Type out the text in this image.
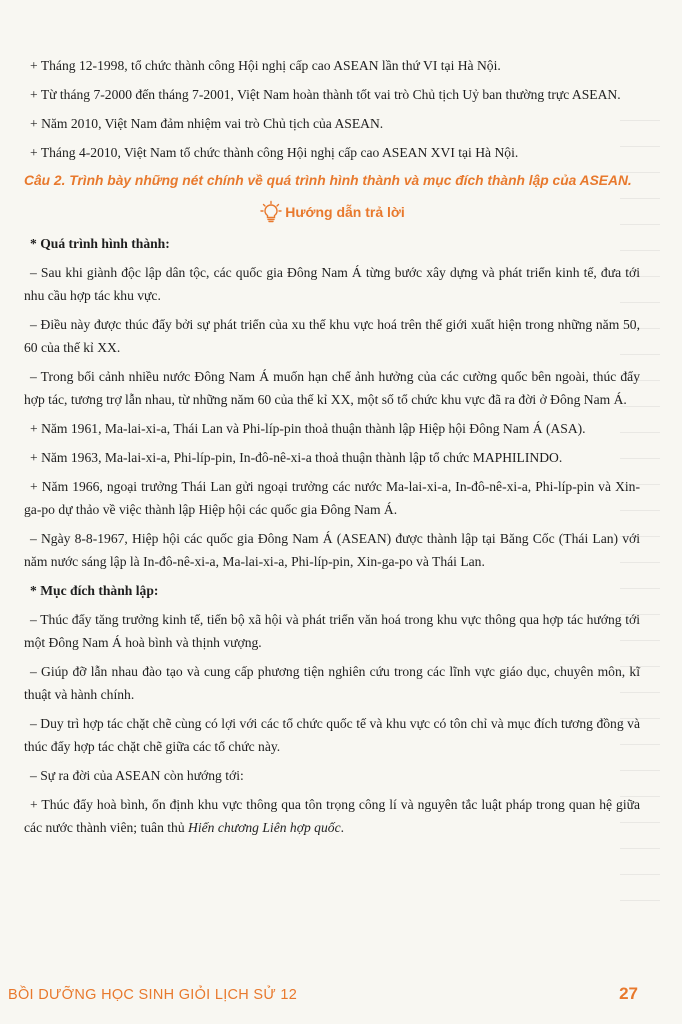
+ Tháng 12-1998, tổ chức thành công Hội nghị cấp cao ASEAN lần thứ VI tại Hà Nội.

+ Từ tháng 7-2000 đến tháng 7-2001, Việt Nam hoàn thành tốt vai trò Chủ tịch Uỷ ban thường trực ASEAN.

+ Năm 2010, Việt Nam đảm nhiệm vai trò Chủ tịch của ASEAN.

+ Tháng 4-2010, Việt Nam tổ chức thành công Hội nghị cấp cao ASEAN XVI tại Hà Nội.

Câu 2. Trình bày những nét chính về quá trình hình thành và mục đích thành lập của ASEAN.
Hướng dẫn trả lời

* Quá trình hình thành:

– Sau khi giành độc lập dân tộc, các quốc gia Đông Nam Á từng bước xây dựng và phát triển kinh tế, đưa tới nhu cầu hợp tác khu vực.

– Điều này được thúc đẩy bởi sự phát triển của xu thế khu vực hoá trên thế giới xuất hiện trong những năm 50, 60 của thế kỉ XX.

– Trong bối cảnh nhiều nước Đông Nam Á muốn hạn chế ảnh hưởng của các cường quốc bên ngoài, thúc đẩy hợp tác, tương trợ lẫn nhau, từ những năm 60 của thế kỉ XX, một số tổ chức khu vực đã ra đời ở Đông Nam Á.

+ Năm 1961, Ma-lai-xi-a, Thái Lan và Phi-líp-pin thoả thuận thành lập Hiệp hội Đông Nam Á (ASA).

+ Năm 1963, Ma-lai-xi-a, Phi-líp-pin, In-đô-nê-xi-a thoả thuận thành lập tổ chức MAPHILINDO.

+ Năm 1966, ngoại trưởng Thái Lan gửi ngoại trưởng các nước Ma-lai-xi-a, In-đô-nê-xi-a, Phi-líp-pin và Xin-ga-po dự thảo về việc thành lập Hiệp hội các quốc gia Đông Nam Á.

– Ngày 8-8-1967, Hiệp hội các quốc gia Đông Nam Á (ASEAN) được thành lập tại Băng Cốc (Thái Lan) với năm nước sáng lập là In-đô-nê-xi-a, Ma-lai-xi-a, Phi-líp-pin, Xin-ga-po và Thái Lan.

* Mục đích thành lập:

– Thúc đẩy tăng trưởng kinh tế, tiến bộ xã hội và phát triển văn hoá trong khu vực thông qua hợp tác hướng tới một Đông Nam Á hoà bình và thịnh vượng.

– Giúp đỡ lẫn nhau đào tạo và cung cấp phương tiện nghiên cứu trong các lĩnh vực giáo dục, chuyên môn, kĩ thuật và hành chính.

– Duy trì hợp tác chặt chẽ cùng có lợi với các tổ chức quốc tế và khu vực có tôn chỉ và mục đích tương đồng và thúc đẩy hợp tác chặt chẽ giữa các tổ chức này.

– Sự ra đời của ASEAN còn hướng tới:

+ Thúc đẩy hoà bình, ổn định khu vực thông qua tôn trọng công lí và nguyên tắc luật pháp trong quan hệ giữa các nước thành viên; tuân thủ Hiến chương Liên hợp quốc.

BỒI DƯỠNG HỌC SINH GIỎI LỊCH SỬ 12	27
